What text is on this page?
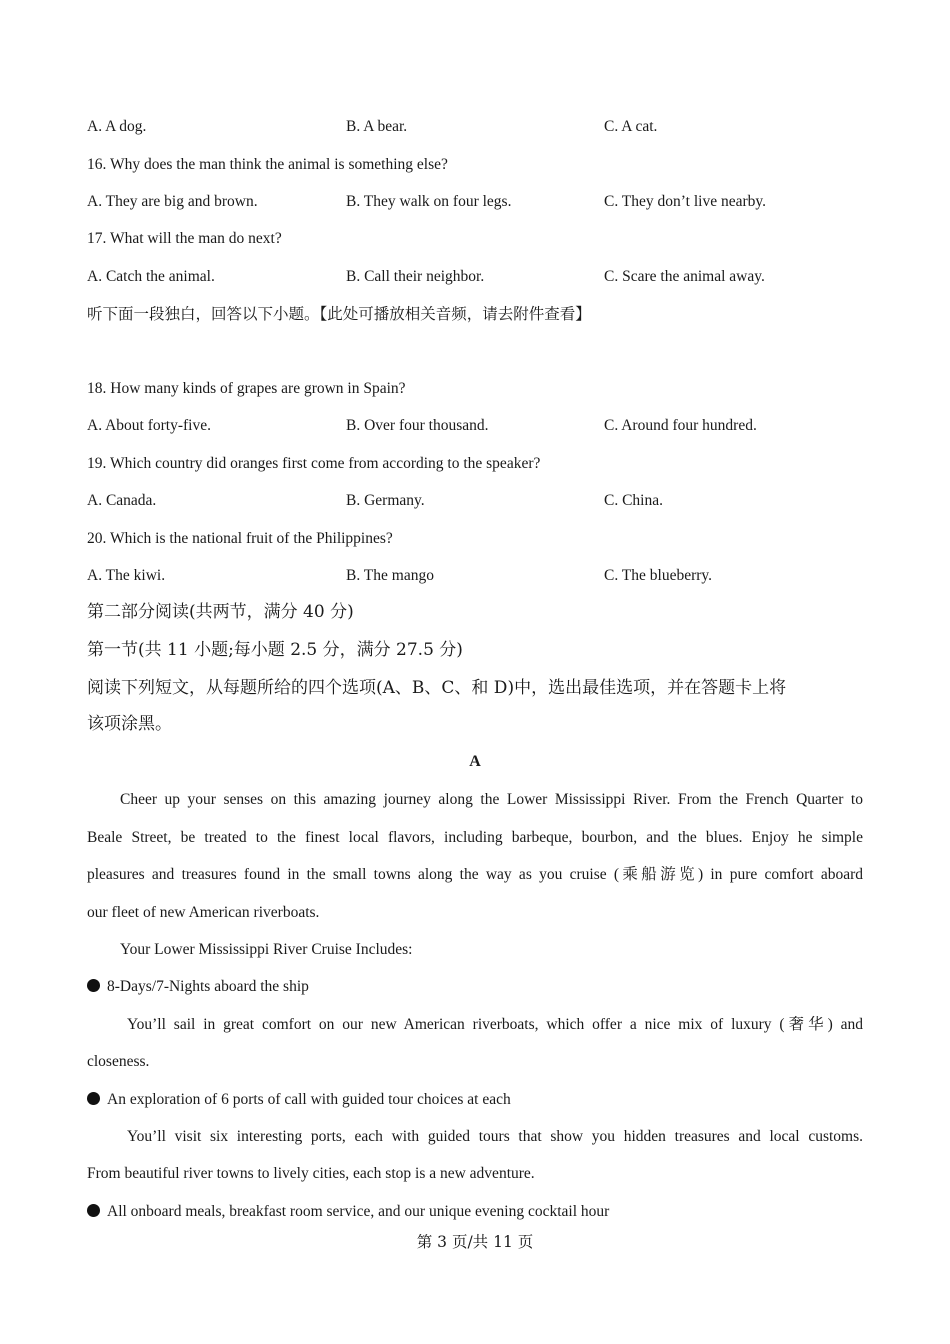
A. A dog.	B. A bear.	C. A cat.
16. Why does the man think the animal is something else?
A. They are big and brown.	B. They walk on four legs.	C. They don’t live nearby.
17. What will the man do next?
A. Catch the animal.	B. Call their neighbor.	C. Scare the animal away.
听下面一段独白，回答以下小题。【此处可播放相关音频，请去附件查看】
18. How many kinds of grapes are grown in Spain?
A. About forty-five.	B. Over four thousand.	C. Around four hundred.
19. Which country did oranges first come from according to the speaker?
A. Canada.	B. Germany.	C. China.
20. Which is the national fruit of the Philippines?
A. The kiwi.	B. The mango	C. The blueberry.
第二部分阅读(共两节，满分 40 分)
第一节(共 11 小题;每小题 2.5 分，满分 27.5 分)
阅读下列短文，从每题所给的四个选项(A、B、C、和 D)中，选出最佳选项，并在答题卡上将
该项涂黑。
A
Cheer up your senses on this amazing journey along the Lower Mississippi River. From the French Quarter to
Beale Street, be treated to the finest local flavors, including barbeque, bourbon, and the blues. Enjoy he simple
pleasures and treasures found in the small towns along the way as you cruise (乘船游览) in pure comfort aboard
our fleet of new American riverboats.
Your Lower Mississippi River Cruise Includes:
8-Days/7-Nights aboard the ship
You’ll sail in great comfort on our new American riverboats, which offer a nice mix of luxury (奢华) and
closeness.
An exploration of 6 ports of call with guided tour choices at each
You’ll visit six interesting ports, each with guided tours that show you hidden treasures and local customs.
From beautiful river towns to lively cities, each stop is a new adventure.
All onboard meals, breakfast room service, and our unique evening cocktail hour
第 3 页/共 11 页
